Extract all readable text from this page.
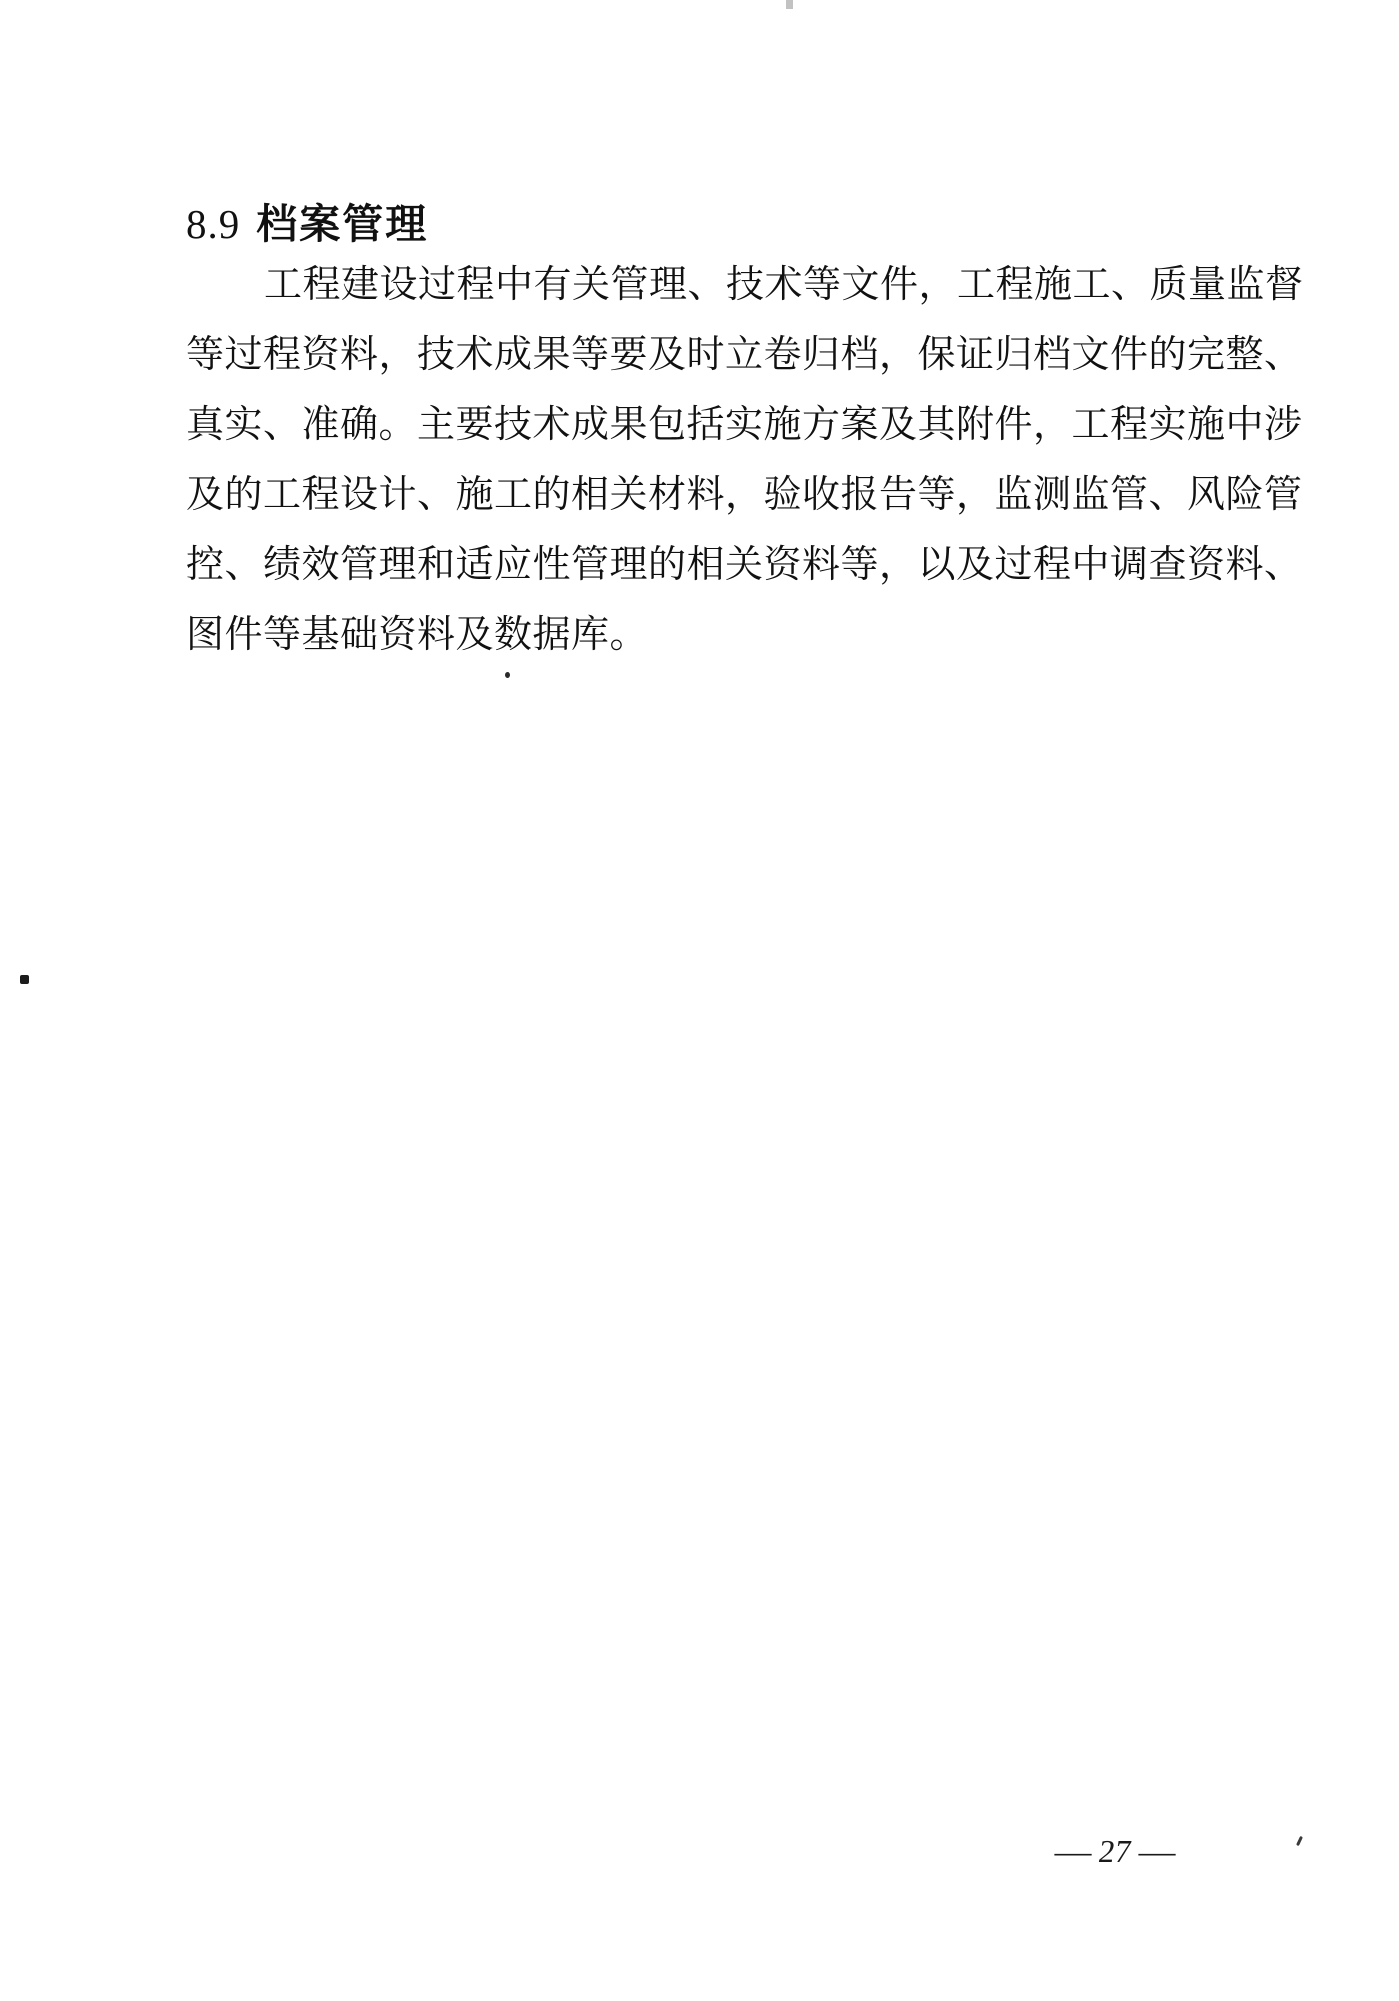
8.9 档案管理
工程建设过程中有关管理、技术等文件，工程施工、质量监督
等过程资料，技术成果等要及时立卷归档，保证归档文件的完整、
真实、准确。主要技术成果包括实施方案及其附件，工程实施中涉
及的工程设计、施工的相关材料，验收报告等，监测监管、风险管
控、绩效管理和适应性管理的相关资料等，以及过程中调查资料、
图件等基础资料及数据库。
— 27 —
